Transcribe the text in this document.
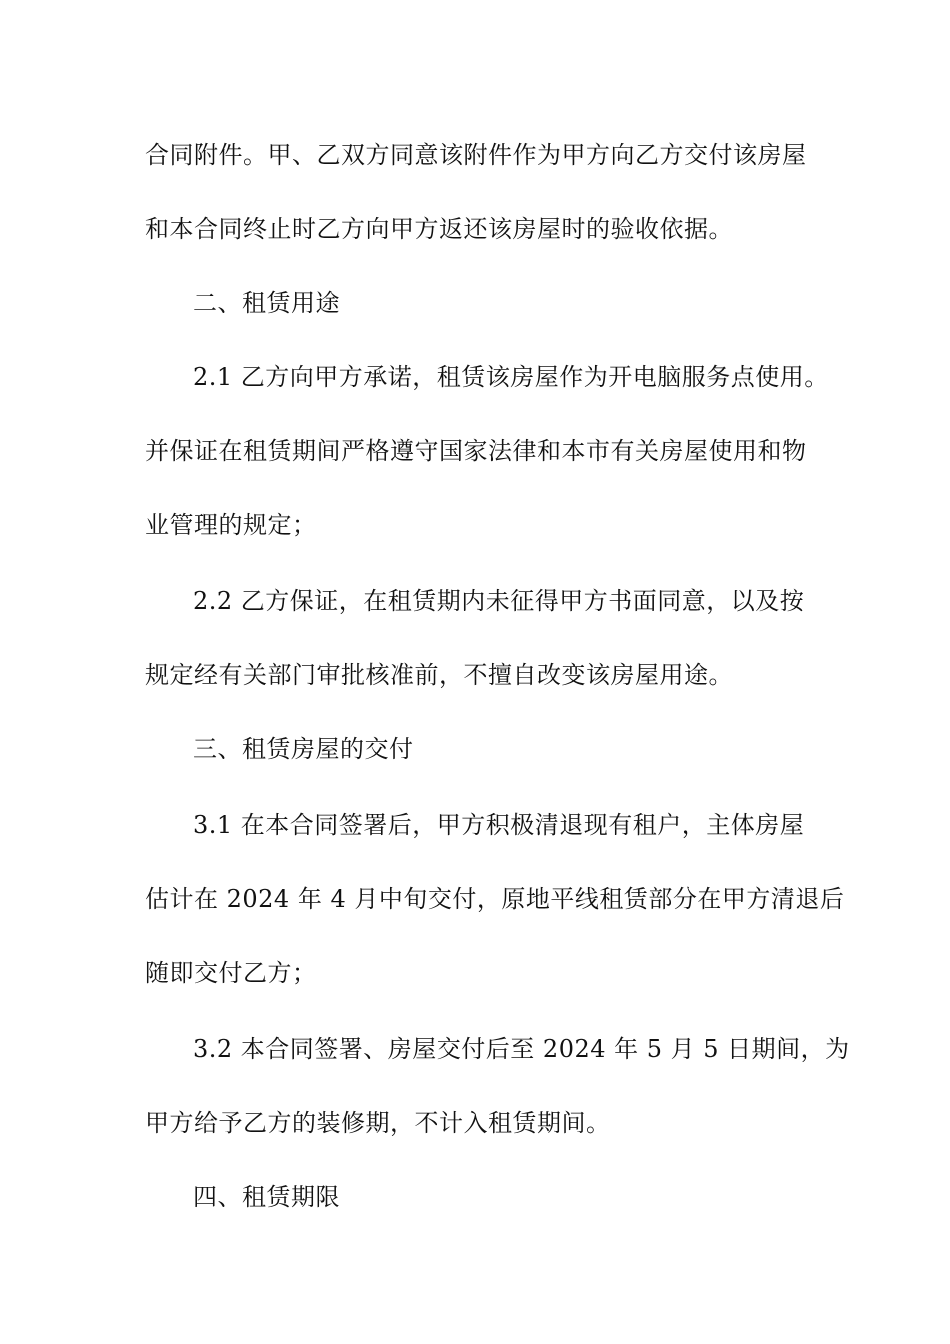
合同附件。甲、乙双方同意该附件作为甲方向乙方交付该房屋
和本合同终止时乙方向甲方返还该房屋时的验收依据。
二、租赁用途
2.1 乙方向甲方承诺，租赁该房屋作为开电脑服务点使用。
并保证在租赁期间严格遵守国家法律和本市有关房屋使用和物
业管理的规定；
2.2 乙方保证，在租赁期内未征得甲方书面同意，以及按
规定经有关部门审批核准前，不擅自改变该房屋用途。
三、租赁房屋的交付
3.1 在本合同签署后，甲方积极清退现有租户，主体房屋
估计在 2024 年 4 月中旬交付，原地平线租赁部分在甲方清退后
随即交付乙方；
3.2 本合同签署、房屋交付后至 2024 年 5 月 5 日期间，为
甲方给予乙方的装修期，不计入租赁期间。
四、租赁期限
